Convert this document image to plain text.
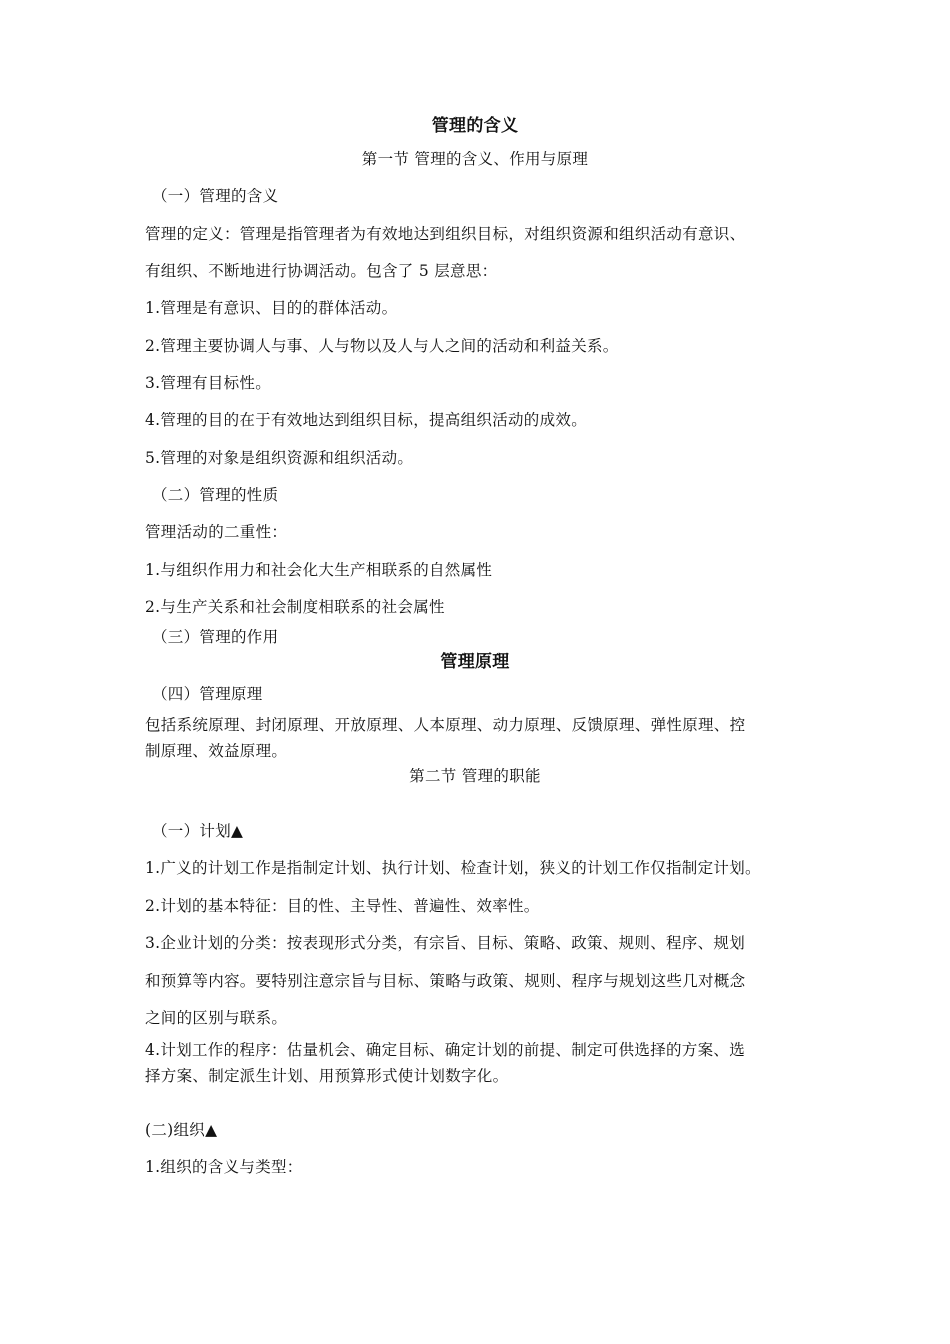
管理的含义
第一节 管理的含义、作用与原理
（一）管理的含义
管理的定义：管理是指管理者为有效地达到组织目标，对组织资源和组织活动有意识、
有组织、不断地进行协调活动。包含了 5 层意思：
1.管理是有意识、目的的群体活动。
2.管理主要协调人与事、人与物以及人与人之间的活动和利益关系。
3.管理有目标性。
4.管理的目的在于有效地达到组织目标，提高组织活动的成效。
5.管理的对象是组织资源和组织活动。
（二）管理的性质
管理活动的二重性：
1.与组织作用力和社会化大生产相联系的自然属性
2.与生产关系和社会制度相联系的社会属性
（三）管理的作用
管理原理
（四）管理原理
包括系统原理、封闭原理、开放原理、人本原理、动力原理、反馈原理、弹性原理、控
制原理、效益原理。
第二节 管理的职能
（一）计划▲
1.广义的计划工作是指制定计划、执行计划、检查计划，狭义的计划工作仅指制定计划。
2.计划的基本特征：目的性、主导性、普遍性、效率性。
3.企业计划的分类：按表现形式分类，有宗旨、目标、策略、政策、规则、程序、规划
和预算等内容。要特别注意宗旨与目标、策略与政策、规则、程序与规划这些几对概念
之间的区别与联系。
4.计划工作的程序：估量机会、确定目标、确定计划的前提、制定可供选择的方案、选
择方案、制定派生计划、用预算形式使计划数字化。
(二)组织▲
1.组织的含义与类型：
